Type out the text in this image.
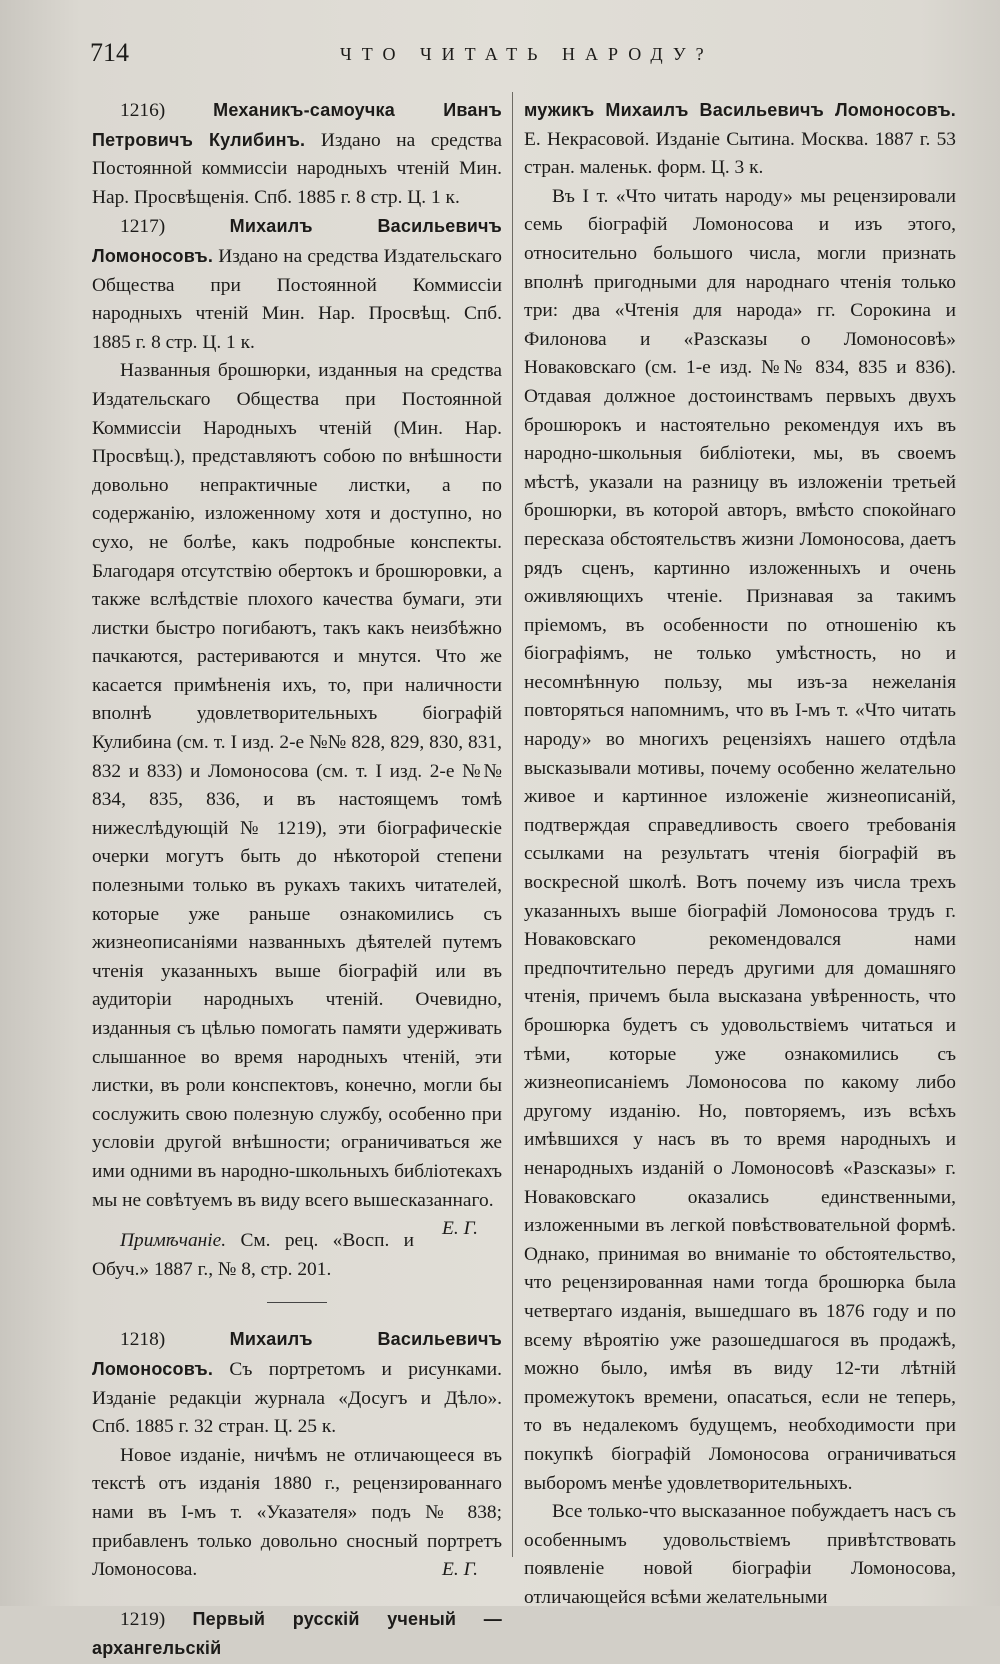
714	ЧТО ЧИТАТЬ НАРОДУ?

1216)	Механикъ-самоучка Иванъ Петровичъ Кулибинъ. Издано на средства Постоянной коммиссіи народныхъ чтеній Мин. Нар. Просвѣщенія. Спб. 1885 г. 8 стр. Ц. 1 к.

1217)	Михаилъ Васильевичъ Ломоносовъ. Издано на средства Издательскаго Общества при Постоянной Коммиссіи народныхъ чтеній Мин. Нар. Просвѣщ. Спб. 1885 г. 8 стр. Ц. 1 к.

Названныя брошюрки, изданныя на средства Издательскаго Общества при Постоянной Коммиссіи Народныхъ чтеній (Мин. Нар. Просвѣщ.), представляютъ собою по внѣшности довольно непрактичные листки, а по содержанію, изложенному хотя и доступно, но сухо, не болѣе, какъ подробные конспекты. Благодаря отсутствію обертокъ и брошюровки, а также вслѣдствіе плохого качества бумаги, эти листки быстро погибаютъ, такъ какъ неизбѣжно пачкаются, растериваются и мнутся. Что же касается примѣненія ихъ, то, при наличности вполнѣ удовлетворительныхъ біографій Кулибина (см. т. I изд. 2-е №№ 828, 829, 830, 831, 832 и 833) и Ломоносова (см. т. I изд. 2-е №№ 834, 835, 836, и въ настоящемъ томѣ нижеслѣдующій № 1219), эти біографическіе очерки могутъ быть до нѣкоторой степени полезными только въ рукахъ такихъ читателей, которые уже раньше ознакомились съ жизнеописаніями названныхъ дѣятелей путемъ чтенія указанныхъ выше біографій или въ аудиторіи народныхъ чтеній. Очевидно, изданныя съ цѣлью помогать памяти удерживать слышанное во время народныхъ чтеній, эти листки, въ роли конспектовъ, конечно, могли бы сослужить свою полезную службу, особенно при условіи другой внѣшности; ограничиваться же ими одними въ народно-школьныхъ библіотекахъ мы не совѣтуемъ въ виду всего вышесказаннаго.
Е. Г.

Примѣчаніе. См. рец. «Восп. и Обуч.» 1887 г., № 8, стр. 201.

1218)	Михаилъ Васильевичъ Ломоносовъ. Съ портретомъ и рисунками. Изданіе редакціи журнала «Досугъ и Дѣло». Спб. 1885 г. 32 стран. Ц. 25 к.

Новое изданіе, ничѣмъ не отличающееся въ текстѣ отъ изданія 1880 г., рецензированнаго нами въ I-мъ т. «Указателя» подъ № 838; прибавленъ только довольно сносный портретъ Ломоносова.	Е. Г.

1219) Первый русскій ученый — архангельскій

мужикъ Михаилъ Васильевичъ Ломоносовъ. Е. Некрасовой. Изданіе Сытина. Москва. 1887 г. 53 стран. маленьк. форм. Ц. 3 к.

Въ I т. «Что читать народу» мы рецензировали семь біографій Ломоносова и изъ этого, относительно большого числа, могли признать вполнѣ пригодными для народнаго чтенія только три: два «Чтенія для народа» гг. Сорокина и Филонова и «Разсказы о Ломоносовѣ» Новаковскаго (см. 1-е изд. №№ 834, 835 и 836). Отдавая должное достоинствамъ первыхъ двухъ брошюрокъ и настоятельно рекомендуя ихъ въ народно-школьныя библіотеки, мы, въ своемъ мѣстѣ, указали на разницу въ изложеніи третьей брошюрки, въ которой авторъ, вмѣсто спокойнаго пересказа обстоятельствъ жизни Ломоносова, даетъ рядъ сценъ, картинно изложенныхъ и очень оживляющихъ чтеніе. Признавая за такимъ пріемомъ, въ особенности по отношенію къ біографіямъ, не только умѣстность, но и несомнѣнную пользу, мы изъ-за нежеланія повторяться напомнимъ, что въ I-мъ т. «Что читать народу» во многихъ рецензіяхъ нашего отдѣла высказывали мотивы, почему особенно желательно живое и картинное изложеніе жизнеописаній, подтверждая справедливость своего требованія ссылками на результатъ чтенія біографій въ воскресной школѣ. Вотъ почему изъ числа трехъ указанныхъ выше біографій Ломоносова трудъ г. Новаковскаго рекомендовался нами предпочтительно передъ другими для домашняго чтенія, причемъ была высказана увѣренность, что брошюрка будетъ съ удовольствіемъ читаться и тѣми, которые уже ознакомились съ жизнеописаніемъ Ломоносова по какому либо другому изданію. Но, повторяемъ, изъ всѣхъ имѣвшихся у насъ въ то время народныхъ и ненародныхъ изданій о Ломоносовѣ «Разсказы» г. Новаковскаго оказались единственными, изложенными въ легкой повѣствовательной формѣ. Однако, принимая во вниманіе то обстоятельство, что рецензированная нами тогда брошюрка была четвертаго изданія, вышедшаго въ 1876 году и по всему вѣроятію уже разошедшагося въ продажѣ, можно было, имѣя въ виду 12-ти лѣтній промежутокъ времени, опасаться, если не теперь, то въ недалекомъ будущемъ, необходимости при покупкѣ біографій Ломоносова ограничиваться выборомъ менѣе удовлетворительныхъ.

Все только-что высказанное побуждаетъ насъ съ особеннымъ удовольствіемъ привѣтствовать появленіе новой біографіи Ломоносова, отличающейся всѣми желательными
